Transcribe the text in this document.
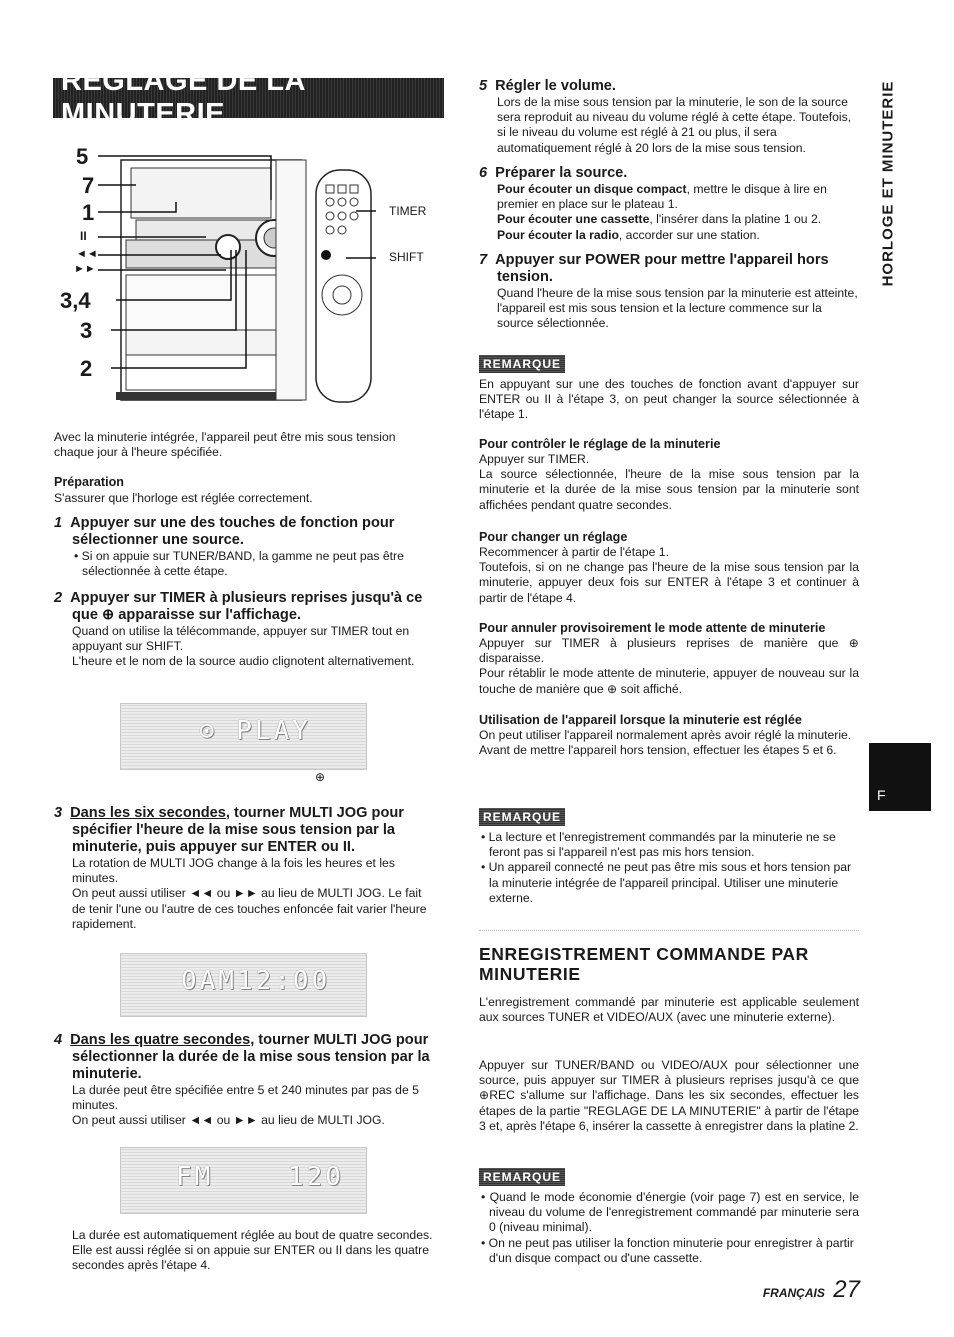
REGLAGE DE LA MINUTERIE
5
7
1
II
◄◄
►►
3,4
3
2
TIMER
SHIFT

Avec la minuterie intégrée, l'appareil peut être mis sous tension chaque jour à l'heure spécifiée.

Préparation

S'assurer que l'horloge est réglée correctement.

1 Appuyer sur une des touches de fonction pour sélectionner une source.

• Si on appuie sur TUNER/BAND, la gamme ne peut pas être sélectionnée à cette étape.

2 Appuyer sur TIMER à plusieurs reprises jusqu'à ce que ⊕ apparaisse sur l'affichage.

Quand on utilise la télécommande, appuyer sur TIMER tout en appuyant sur SHIFT.

L'heure et le nom de la source audio clignotent alternativement.

⊙ PLAY
⊕

3 Dans les six secondes, tourner MULTI JOG pour spécifier l'heure de la mise sous tension par la minuterie, puis appuyer sur ENTER ou II.

La rotation de MULTI JOG change à la fois les heures et les minutes.

On peut aussi utiliser ◄◄ ou ►► au lieu de MULTI JOG. Le fait de tenir l'une ou l'autre de ces touches enfoncée fait varier l'heure rapidement.

0AM12:00

4 Dans les quatre secondes, tourner MULTI JOG pour sélectionner la durée de la mise sous tension par la minuterie.

La durée peut être spécifiée entre 5 et 240 minutes par pas de 5 minutes.

On peut aussi utiliser ◄◄ ou ►► au lieu de MULTI JOG.

FM    120

La durée est automatiquement réglée au bout de quatre secondes. Elle est aussi réglée si on appuie sur ENTER ou II dans les quatre secondes après l'étape 4.

5 Régler le volume.

Lors de la mise sous tension par la minuterie, le son de la source sera reproduit au niveau du volume réglé à cette étape. Toutefois, si le niveau du volume est réglé à 21 ou plus, il sera automatiquement réglé à 20 lors de la mise sous tension.

6 Préparer la source.

Pour écouter un disque compact, mettre le disque à lire en premier en place sur le plateau 1.

Pour écouter une cassette, l'insérer dans la platine 1 ou 2.

Pour écouter la radio, accorder sur une station.

7 Appuyer sur POWER pour mettre l'appareil hors tension.

Quand l'heure de la mise sous tension par la minuterie est atteinte, l'appareil est mis sous tension et la lecture commence sur la source sélectionnée.

REMARQUE

En appuyant sur une des touches de fonction avant d'appuyer sur ENTER ou II à l'étape 3, on peut changer la source sélectionnée à l'étape 1.

Pour contrôler le réglage de la minuterie

Appuyer sur TIMER.

La source sélectionnée, l'heure de la mise sous tension par la minuterie et la durée de la mise sous tension par la minuterie sont affichées pendant quatre secondes.

Pour changer un réglage

Recommencer à partir de l'étape 1.

Toutefois, si on ne change pas l'heure de la mise sous tension par la minuterie, appuyer deux fois sur ENTER à l'étape 3 et continuer à partir de l'étape 4.

Pour annuler provisoirement le mode attente de minuterie

Appuyer sur TIMER à plusieurs reprises de manière que ⊕ disparaisse.

Pour rétablir le mode attente de minuterie, appuyer de nouveau sur la touche de manière que ⊕ soit affiché.

Utilisation de l'appareil lorsque la minuterie est réglée

On peut utiliser l'appareil normalement après avoir réglé la minuterie.

Avant de mettre l'appareil hors tension, effectuer les étapes 5 et 6.

REMARQUE

• La lecture et l'enregistrement commandés par la minuterie ne se feront pas si l'appareil n'est pas mis hors tension.

• Un appareil connecté ne peut pas être mis sous et hors tension par la minuterie intégrée de l'appareil principal. Utiliser une minuterie externe.

ENREGISTREMENT COMMANDE PAR MINUTERIE

L'enregistrement commandé par minuterie est applicable seulement aux sources TUNER et VIDEO/AUX (avec une minuterie externe).

Appuyer sur TUNER/BAND ou VIDEO/AUX pour sélectionner une source, puis appuyer sur TIMER à plusieurs reprises jusqu'à ce que ⊕REC s'allume sur l'affichage. Dans les six secondes, effectuer les étapes de la partie "REGLAGE DE LA MINUTERIE" à partir de l'étape 3 et, après l'étape 6, insérer la cassette à enregistrer dans la platine 2.

REMARQUE

• Quand le mode économie d'énergie (voir page 7) est en service, le niveau du volume de l'enregistrement commandé par minuterie sera 0 (niveau minimal).

• On ne peut pas utiliser la fonction minuterie pour enregistrer à partir d'un disque compact ou d'une cassette.

FRANÇAIS 27
HORLOGE ET MINUTERIE
F
